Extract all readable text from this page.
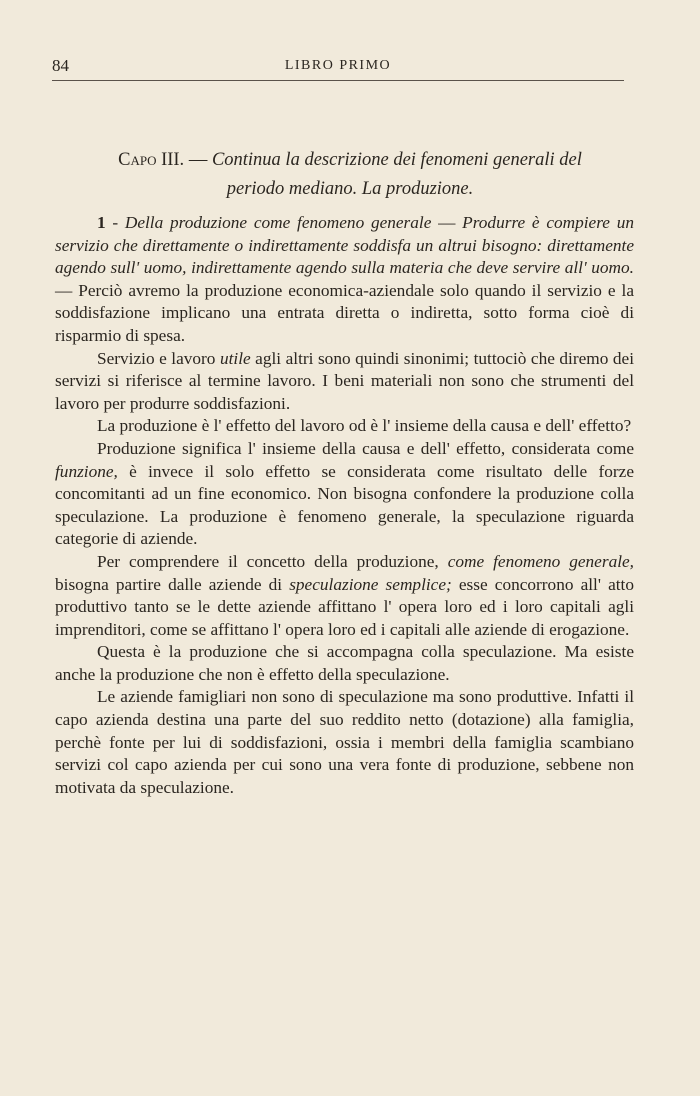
84	LIBRO PRIMO
Capo III. — Continua la descrizione dei fenomeni generali del periodo mediano. La produzione.

1 - Della produzione come fenomeno generale — Produrre è compiere un servizio che direttamente o indirettamente soddisfa un altrui bisogno: direttamente agendo sull' uomo, indirettamente agendo sulla materia che deve servire all' uomo. — Perciò avremo la produzione economica-aziendale solo quando il servizio e la soddisfazione implicano una entrata diretta o indiretta, sotto forma cioè di risparmio di spesa.

Servizio e lavoro utile agli altri sono quindi sinonimi; tuttociò che diremo dei servizi si riferisce al termine lavoro. I beni materiali non sono che strumenti del lavoro per produrre soddisfazioni.

La produzione è l' effetto del lavoro od è l' insieme della causa e dell' effetto?

Produzione significa l' insieme della causa e dell' effetto, considerata come funzione, è invece il solo effetto se considerata come risultato delle forze concomitanti ad un fine economico. Non bisogna confondere la produzione colla speculazione. La produzione è fenomeno generale, la speculazione riguarda categorie di aziende.

Per comprendere il concetto della produzione, come fenomeno generale, bisogna partire dalle aziende di speculazione semplice; esse concorrono all' atto produttivo tanto se le dette aziende affittano l' opera loro ed i loro capitali agli imprenditori, come se affittano l' opera loro ed i capitali alle aziende di erogazione.

Questa è la produzione che si accompagna colla speculazione. Ma esiste anche la produzione che non è effetto della speculazione.

Le aziende famigliari non sono di speculazione ma sono produttive. Infatti il capo azienda destina una parte del suo reddito netto (dotazione) alla famiglia, perchè fonte per lui di soddisfazioni, ossia i membri della famiglia scambiano servizi col capo azienda per cui sono una vera fonte di produzione, sebbene non motivata da speculazione.
